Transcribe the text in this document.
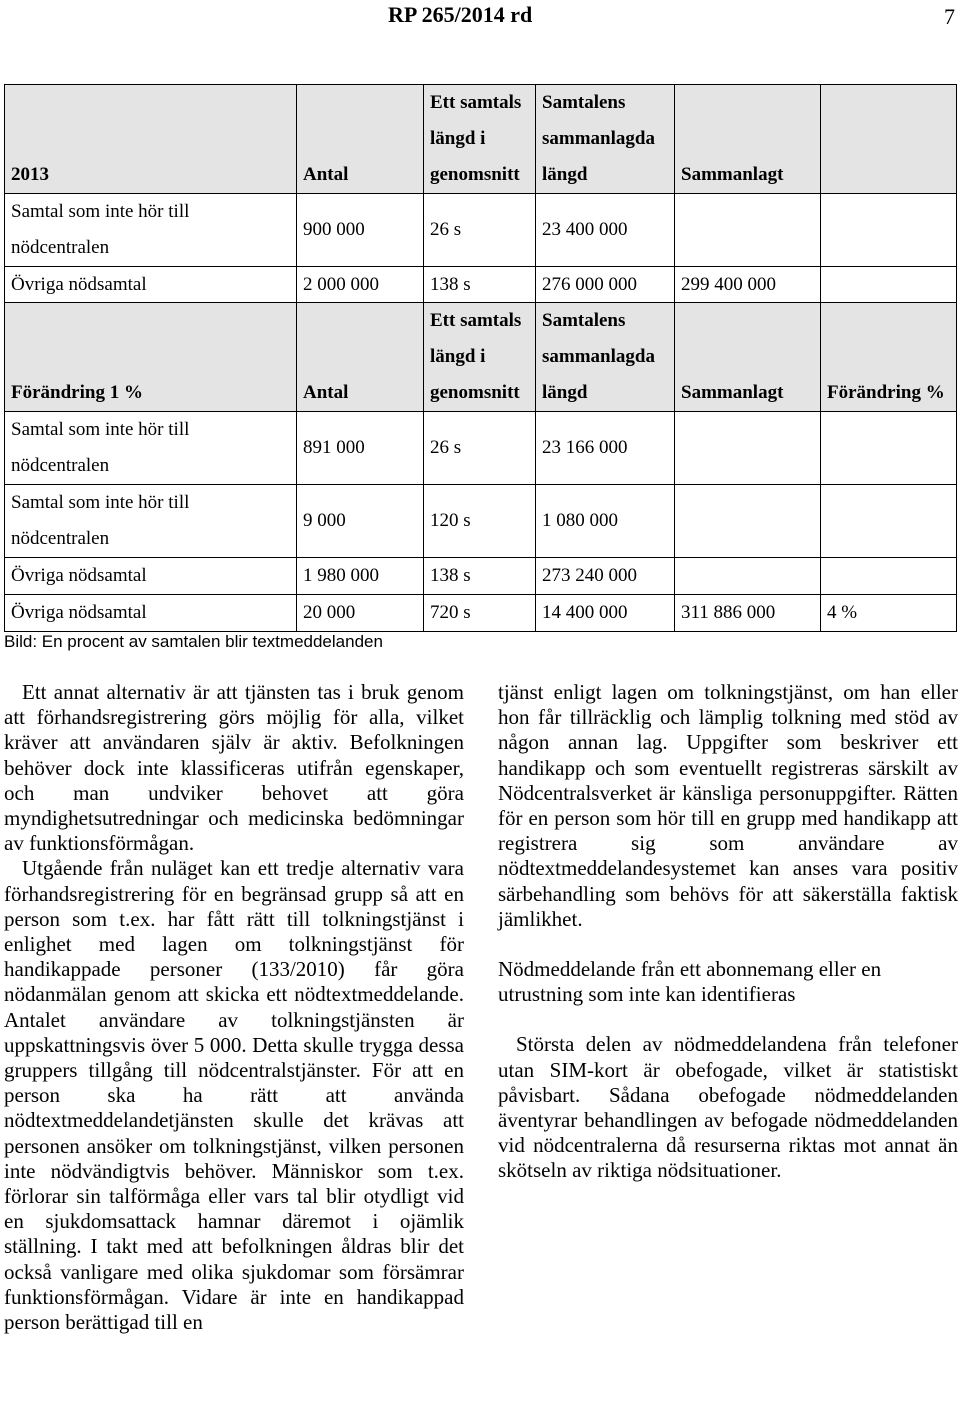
RP 265/2014 rd	7
2013	Antal	Ett samtals längd i genomsnitt	Samtalens sammanlagda längd	Sammanlagt	
Samtal som inte hör till nödcentralen	900 000	26 s	23 400 000		
Övriga nödsamtal	2 000 000	138 s	276 000 000	299 400 000	
Förändring 1 %	Antal	Ett samtals längd i genomsnitt	Samtalens sammanlagda längd	Sammanlagt	Förändring %
Samtal som inte hör till nödcentralen	891 000	26 s	23 166 000		
Samtal som inte hör till nödcentralen	9 000	120 s	1 080 000		
Övriga nödsamtal	1 980 000	138 s	273 240 000		
Övriga nödsamtal	20 000	720 s	14 400 000	311 886 000	4 %
Bild: En procent av samtalen blir textmeddelanden

Ett annat alternativ är att tjänsten tas i bruk genom att förhandsregistrering görs möjlig för alla, vilket kräver att användaren själv är aktiv. Befolkningen behöver dock inte klassificeras utifrån egenskaper, och man undviker behovet att göra myndighetsutredningar och medicinska bedömningar av funktionsförmågan.

Utgående från nuläget kan ett tredje alternativ vara förhandsregistrering för en begränsad grupp så att en person som t.ex. har fått rätt till tolkningstjänst i enlighet med lagen om tolkningstjänst för handikappade personer (133/2010) får göra nödanmälan genom att skicka ett nödtextmeddelande. Antalet användare av tolkningstjänsten är uppskattningsvis över 5 000. Detta skulle trygga dessa gruppers tillgång till nödcentralstjänster. För att en person ska ha rätt att använda nödtextmeddelandetjänsten skulle det krävas att personen ansöker om tolkningstjänst, vilken personen inte nödvändigtvis behöver. Människor som t.ex. förlorar sin talförmåga eller vars tal blir otydligt vid en sjukdomsattack hamnar däremot i ojämlik ställning. I takt med att befolkningen åldras blir det också vanligare med olika sjukdomar som försämrar funktionsförmågan. Vidare är inte en handikappad person berättigad till en

tjänst enligt lagen om tolkningstjänst, om han eller hon får tillräcklig och lämplig tolkning med stöd av någon annan lag. Uppgifter som beskriver ett handikapp och som eventuellt registreras särskilt av Nödcentralsverket är känsliga personuppgifter. Rätten för en person som hör till en grupp med handikapp att registrera sig som användare av nödtextmeddelandesystemet kan anses vara positiv särbehandling som behövs för att säkerställa faktisk jämlikhet.

Nödmeddelande från ett abonnemang eller en utrustning som inte kan identifieras

Största delen av nödmeddelandena från telefoner utan SIM-kort är obefogade, vilket är statistiskt påvisbart. Sådana obefogade nödmeddelanden äventyrar behandlingen av befogade nödmeddelanden vid nödcentralerna då resurserna riktas mot annat än skötseln av riktiga nödsituationer.
